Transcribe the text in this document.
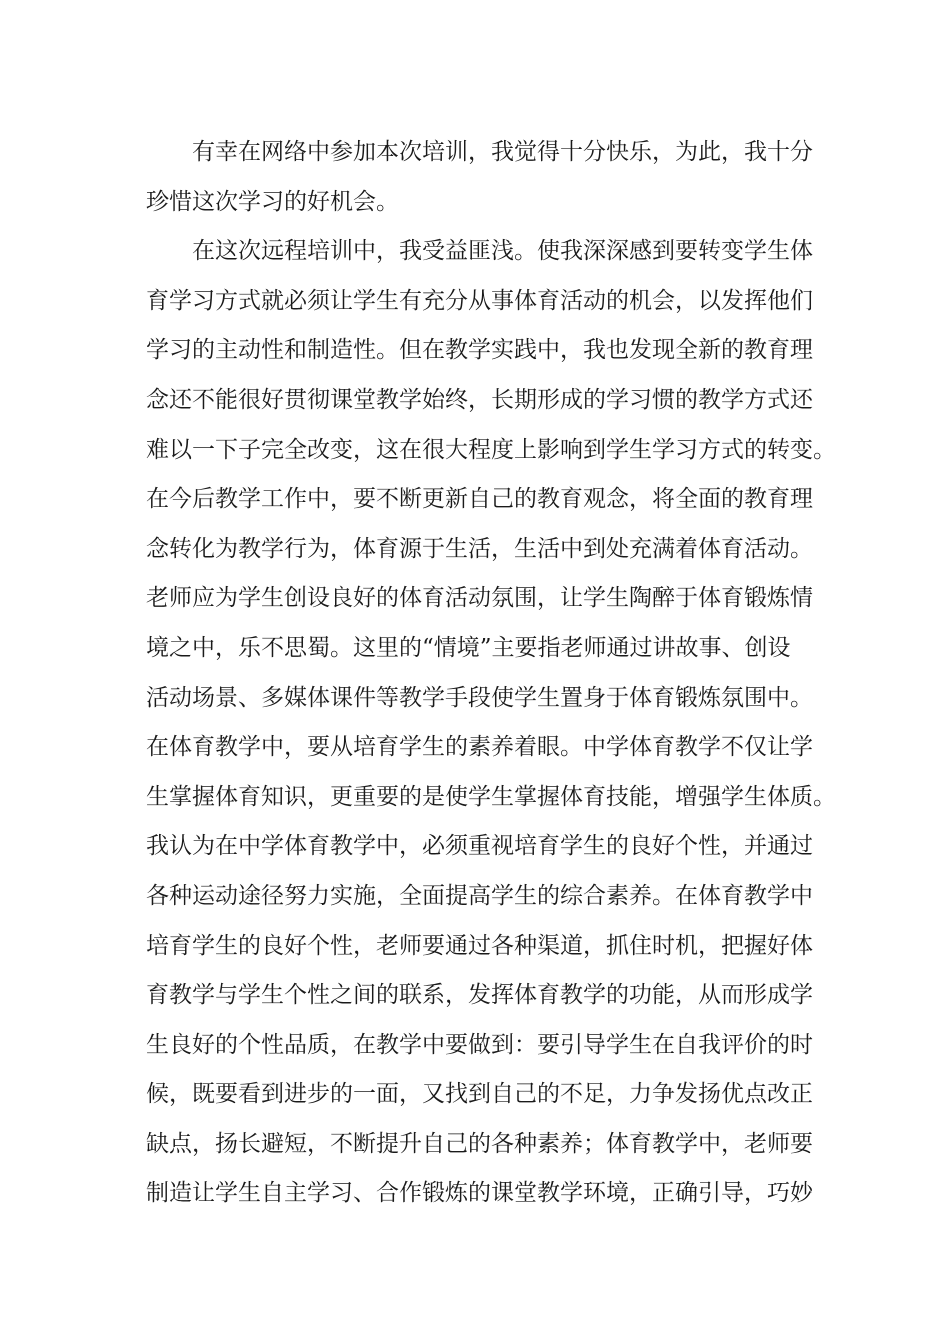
有幸在网络中参加本次培训，我觉得十分快乐，为此，我十分
珍惜这次学习的好机会。
在这次远程培训中，我受益匪浅。使我深深感到要转变学生体
育学习方式就必须让学生有充分从事体育活动的机会，以发挥他们
学习的主动性和制造性。但在教学实践中，我也发现全新的教育理
念还不能很好贯彻课堂教学始终，长期形成的学习惯的教学方式还
难以一下子完全改变，这在很大程度上影响到学生学习方式的转变。
在今后教学工作中，要不断更新自己的教育观念，将全面的教育理
念转化为教学行为，体育源于生活，生活中到处充满着体育活动。
老师应为学生创设良好的体育活动氛围，让学生陶醉于体育锻炼情
境之中，乐不思蜀。这里的“情境”主要指老师通过讲故事、创设
活动场景、多媒体课件等教学手段使学生置身于体育锻炼氛围中。
在体育教学中，要从培育学生的素养着眼。中学体育教学不仅让学
生掌握体育知识，更重要的是使学生掌握体育技能，增强学生体质。
我认为在中学体育教学中，必须重视培育学生的良好个性，并通过
各种运动途径努力实施，全面提高学生的综合素养。在体育教学中
培育学生的良好个性，老师要通过各种渠道，抓住时机，把握好体
育教学与学生个性之间的联系，发挥体育教学的功能，从而形成学
生良好的个性品质，在教学中要做到：要引导学生在自我评价的时
候，既要看到进步的一面，又找到自己的不足，力争发扬优点改正
缺点，扬长避短，不断提升自己的各种素养；体育教学中，老师要
制造让学生自主学习、合作锻炼的课堂教学环境，正确引导，巧妙
